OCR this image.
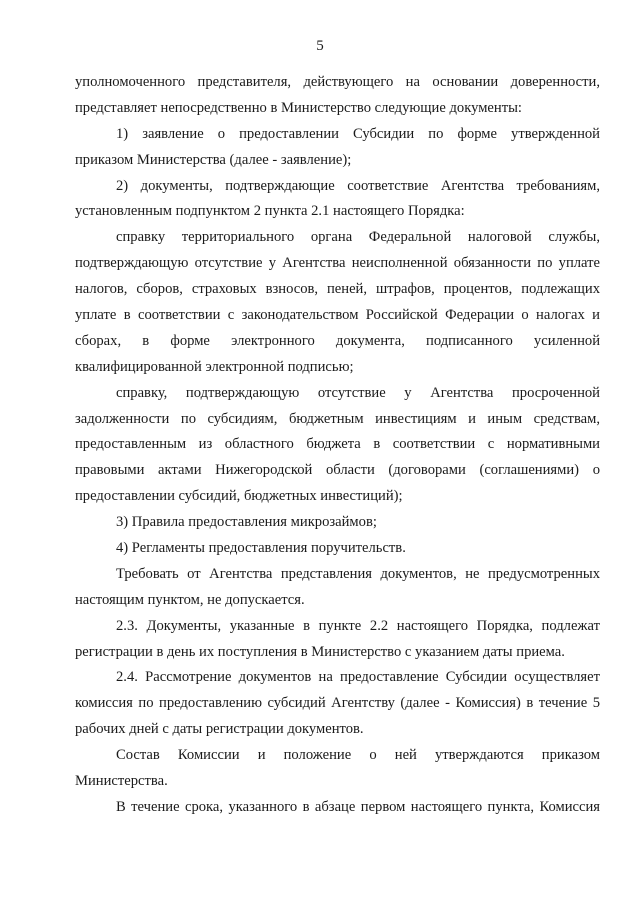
5
уполномоченного представителя, действующего на основании доверенности,
представляет непосредственно в Министерство следующие документы:
1) заявление о предоставлении Субсидии по форме утвержденной
приказом Министерства (далее - заявление);
2) документы, подтверждающие соответствие Агентства требованиям,
установленным подпунктом 2 пункта 2.1 настоящего Порядка:
справку территориального органа Федеральной налоговой службы,
подтверждающую отсутствие у Агентства неисполненной обязанности по уплате
налогов, сборов, страховых взносов, пеней, штрафов, процентов, подлежащих
уплате в соответствии с законодательством Российской Федерации о налогах и
сборах, в форме электронного документа, подписанного усиленной
квалифицированной электронной подписью;
справку, подтверждающую отсутствие у Агентства просроченной
задолженности по субсидиям, бюджетным инвестициям и иным средствам,
предоставленным из областного бюджета в соответствии с нормативными
правовыми актами Нижегородской области (договорами (соглашениями) о
предоставлении субсидий, бюджетных инвестиций);
3) Правила предоставления микрозаймов;
4) Регламенты предоставления поручительств.
Требовать от Агентства представления документов, не предусмотренных
настоящим пунктом, не допускается.
2.3. Документы, указанные в пункте 2.2 настоящего Порядка, подлежат
регистрации в день их поступления в Министерство с указанием даты приема.
2.4. Рассмотрение документов на предоставление Субсидии осуществляет
комиссия по предоставлению субсидий Агентству (далее - Комиссия) в течение 5
рабочих дней с даты регистрации документов.
Состав Комиссии и положение о ней утверждаются приказом
Министерства.
В течение срока, указанного в абзаце первом настоящего пункта, Комиссия
